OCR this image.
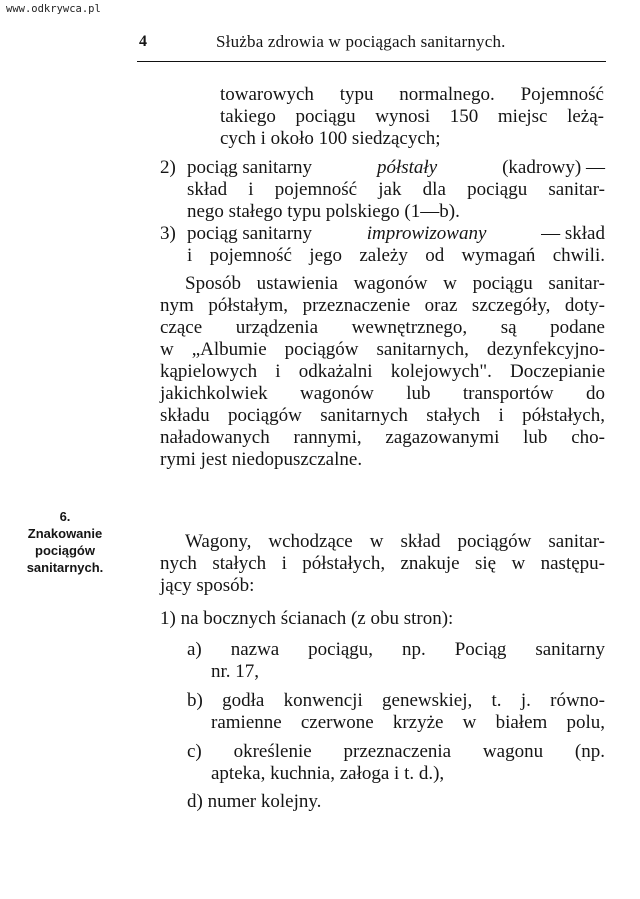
www.odkrywca.pl
4	Służba zdrowia w pociągach sanitarnych.
towarowych typu normalnego. Pojemność
takiego pociągu wynosi 150 miejsc leżą-
cych i około 100 siedzących;
2) pociąg sanitarny	półstały	(kadrowy) —
skład i pojemność jak dla pociągu sanitar-
nego stałego typu polskiego (1—b).
3) pociąg sanitarny	improwizowany	— skład
i pojemność jego zależy od wymagań chwili.
Sposób ustawienia wagonów w pociągu sanitar-
nym półstałym, przeznaczenie oraz szczegóły, doty-
czące urządzenia wewnętrznego, są podane
w „Albumie pociągów sanitarnych, dezynfekcyjno-
kąpielowych i odkażalni kolejowych". Doczepianie
jakichkolwiek wagonów lub transportów do
składu pociągów sanitarnych stałych i półstałych,
naładowanych rannymi, zagazowanymi lub cho-
rymi jest niedopuszczalne.
6.
Znakowanie
pociągów
sanitarnych.
Wagony, wchodzące w skład pociągów sanitar-
nych stałych i półstałych, znakuje się w następu-
jący sposób:
1) na bocznych ścianach (z obu stron):
a) nazwa pociągu, np. Pociąg sanitarny
nr. 17,
b) godła konwencji genewskiej, t. j. równo-
ramienne czerwone krzyże w białem polu,
c) określenie przeznaczenia wagonu (np.
apteka, kuchnia, załoga i t. d.),
d) numer kolejny.
